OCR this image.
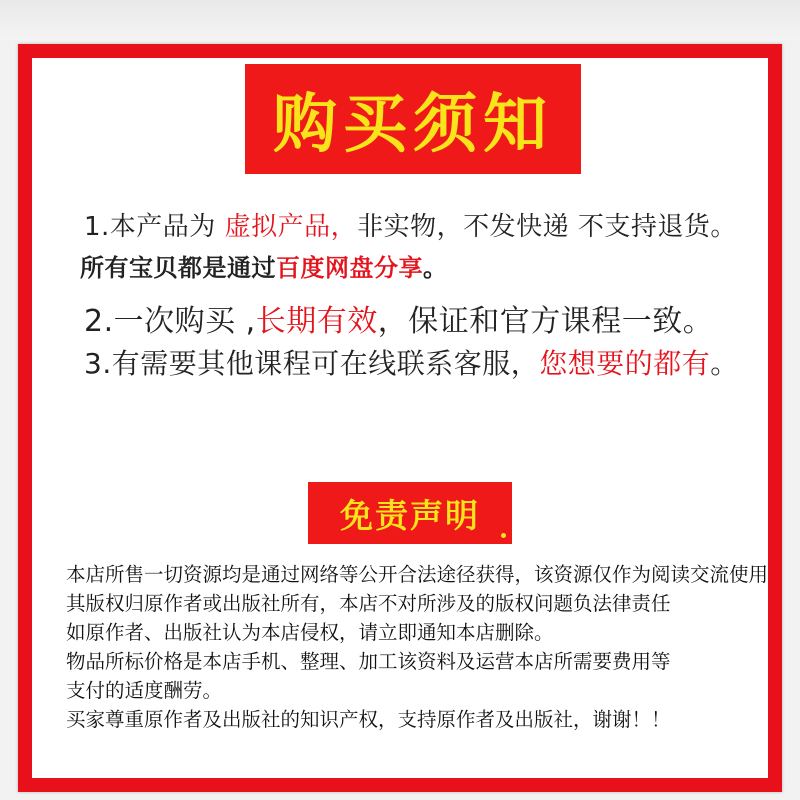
购买须知
1.本产品为 虚拟产品，非实物，不发快递 不支持退货。
所有宝贝都是通过百度网盘分享。
2.一次购买 ,长期有效，保证和官方课程一致。
3.有需要其他课程可在线联系客服，您想要的都有。
免责声明
本店所售一切资源均是通过网络等公开合法途径获得，该资源仅作为阅读交流使用
其版权归原作者或出版社所有，本店不对所涉及的版权问题负法律责任
如原作者、出版社认为本店侵权，请立即通知本店删除。
物品所标价格是本店手机、整理、加工该资料及运营本店所需要费用等
支付的适度酬劳。
买家尊重原作者及出版社的知识产权，支持原作者及出版社，谢谢！！
